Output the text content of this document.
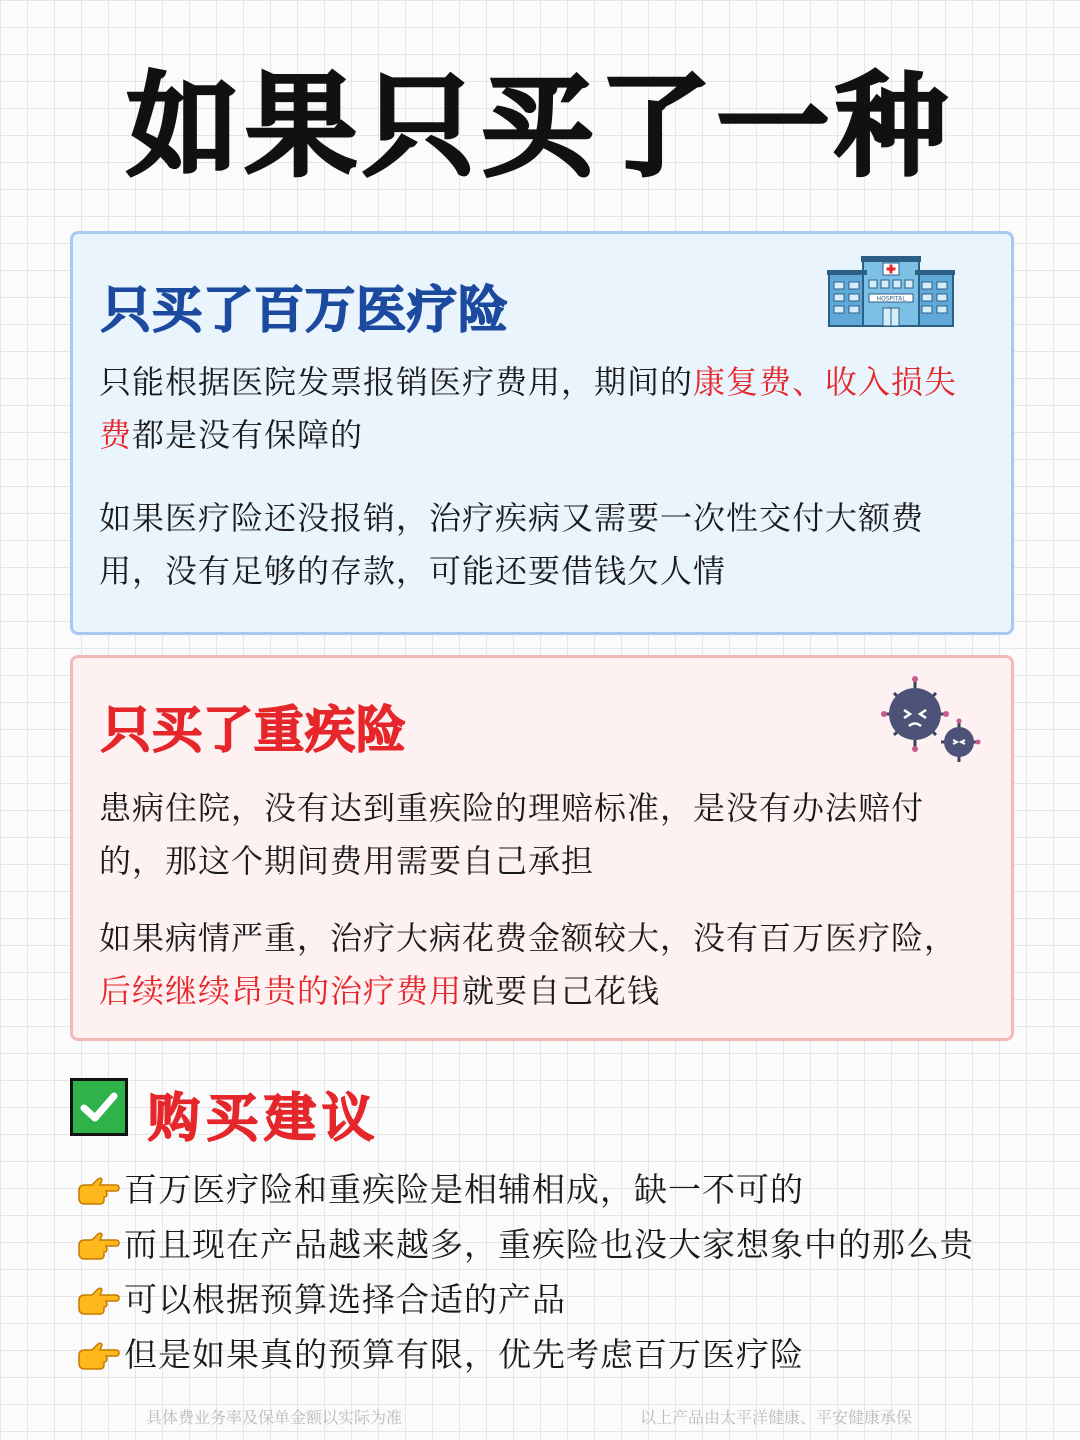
如果只买了一种
只买了百万医疗险	HOSPITAL

只能根据医院发票报销医疗费用，期间的康复费、收入损失费都是没有保障的

如果医疗险还没报销，治疗疾病又需要一次性交付大额费用，没有足够的存款，可能还要借钱欠人情

只买了重疾险

患病住院，没有达到重疾险的理赔标准，是没有办法赔付的，那这个期间费用需要自己承担

如果病情严重，治疗大病花费金额较大，没有百万医疗险，后续继续昂贵的治疗费用就要自己花钱

购买建议
百万医疗险和重疾险是相辅相成，缺一不可的
而且现在产品越来越多，重疾险也没大家想象中的那么贵
可以根据预算选择合适的产品
但是如果真的预算有限，优先考虑百万医疗险
具体费业务率及保单金额以实际为准	以上产品由太平洋健康、平安健康承保
